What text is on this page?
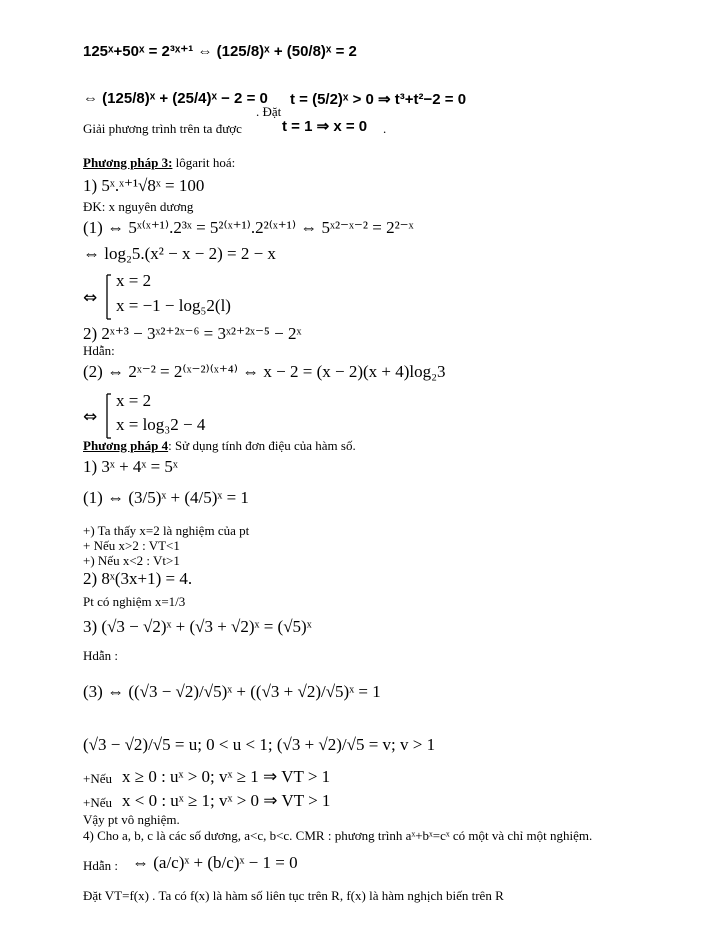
125ˣ+50ˣ = 2³ˣ⁺¹ ⇔ (125/8)ˣ + (50/8)ˣ = 2
⇔ (125/8)ˣ + (25/4)ˣ − 2 = 0
. Đặt
t = (5/2)ˣ > 0 ⇒ t³+t²−2 = 0
Giải phương trình trên ta được	t = 1 ⇒ x = 0 .
Phương pháp 3: lôgarit hoá:
1) 5ˣ.ˣ⁺¹√8ˣ = 100
ĐK: x nguyên dương
(1) ⇔ 5ˣ⁽ˣ⁺¹⁾.2³ˣ = 5²⁽ˣ⁺¹⁾.2²⁽ˣ⁺¹⁾ ⇔ 5ˣ²⁻ˣ⁻² = 2²⁻ˣ
⇔ log₂5.(x² − x − 2) = 2 − x
⇔
x = 2
x = −1 − log₅2(l)
2) 2ˣ⁺³ − 3ˣ²⁺²ˣ⁻⁶ = 3ˣ²⁺²ˣ⁻⁵ − 2ˣ
Hdẫn:
(2) ⇔ 2ˣ⁻² = 2⁽ˣ⁻²⁾⁽ˣ⁺⁴⁾ ⇔ x − 2 = (x − 2)(x + 4)log₂3
⇔
x = 2
x = log₃2 − 4
Phương pháp 4: Sử dụng tính đơn điệu của hàm số.
1) 3ˣ + 4ˣ = 5ˣ
(1) ⇔ (3/5)ˣ + (4/5)ˣ = 1
+) Ta thấy x=2 là nghiệm của pt
+ Nếu x>2 : VT<1
+) Nếu x<2 : Vt>1
2) 8ˣ(3x+1) = 4.
Pt có nghiệm x=1/3
3) (√3 − √2)ˣ + (√3 + √2)ˣ = (√5)ˣ
Hdẫn :
(3) ⇔ ((√3 − √2)/√5)ˣ + ((√3 + √2)/√5)ˣ = 1
(√3 − √2)/√5 = u; 0 < u < 1; (√3 + √2)/√5 = v; v > 1
+Nếu x ≥ 0 : uˣ > 0; vˣ ≥ 1 ⇒ VT > 1
+Nếu x < 0 : uˣ ≥ 1; vˣ > 0 ⇒ VT > 1
Vậy pt vô nghiệm.
4) Cho a, b, c là các số dương, a<c, b<c. CMR : phương trình aˣ+bˣ=cˣ có một và chỉ một nghiệm.
Hdẫn : ⇔ (a/c)ˣ + (b/c)ˣ − 1 = 0
Đặt VT=f(x) . Ta có f(x) là hàm số liên tục trên R, f(x) là hàm nghịch biến trên R
